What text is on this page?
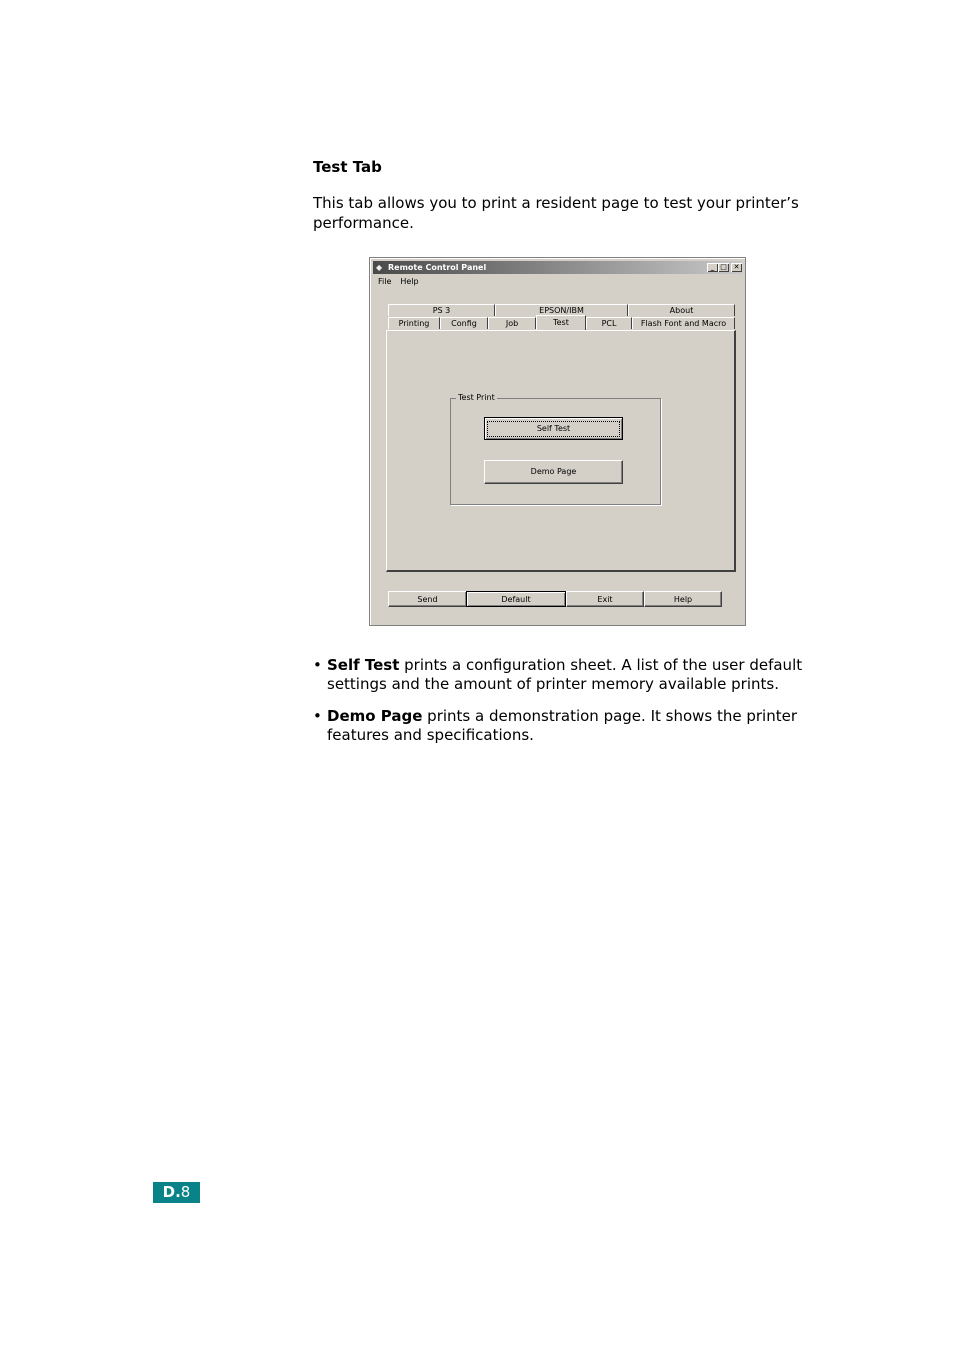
Test Tab
This tab allows you to print a resident page to test your printer’s performance.
◆ Remote Control Panel	_ □ ✕
File Help
PS 3	EPSON/IBM	About
Printing	Config	Job	Test	PCL	Flash Font and Macro
Test Print
Self Test
Demo Page
Send	Default	Exit	Help
• Self Test prints a configuration sheet. A list of the user default settings and the amount of printer memory available prints.
• Demo Page prints a demonstration page. It shows the printer features and specifications.
D.8
